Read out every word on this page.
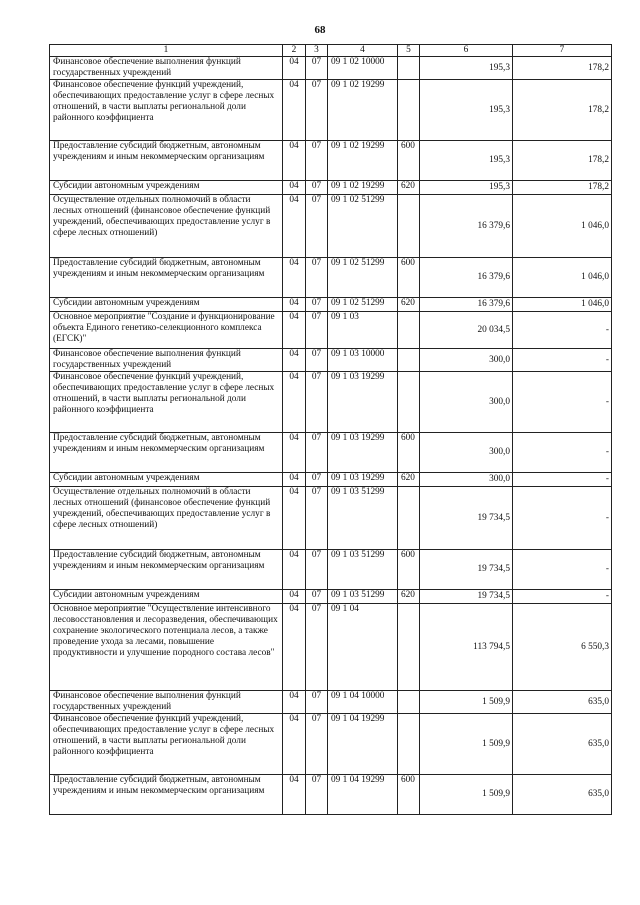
68
1	2	3	4	5	6	7
Финансовое обеспечение выполнения функций государственных учреждений	04	07	09 1 02 10000		195,3	178,2
Финансовое обеспечение функций учреждений, обеспечивающих предоставление услуг в сфере лесных отношений, в части выплаты региональной доли районного коэффициента	04	07	09 1 02 19299		195,3	178,2
Предоставление субсидий бюджетным, автономным учреждениям и иным некоммерческим организациям	04	07	09 1 02 19299	600	195,3	178,2
Субсидии автономным учреждениям	04	07	09 1 02 19299	620	195,3	178,2
Осуществление отдельных полномочий в области лесных отношений (финансовое обеспечение функций учреждений, обеспечивающих предоставление услуг в сфере лесных отношений)	04	07	09 1 02 51299		16 379,6	1 046,0
Предоставление субсидий бюджетным, автономным учреждениям и иным некоммерческим организациям	04	07	09 1 02 51299	600	16 379,6	1 046,0
Субсидии автономным учреждениям	04	07	09 1 02 51299	620	16 379,6	1 046,0
Основное мероприятие "Создание и функционирование объекта Единого генетико-селекционного комплекса (ЕГСК)"	04	07	09 1 03		20 034,5	-
Финансовое обеспечение выполнения функций государственных учреждений	04	07	09 1 03 10000		300,0	-
Финансовое обеспечение функций учреждений, обеспечивающих предоставление услуг в сфере лесных отношений, в части выплаты региональной доли районного коэффициента	04	07	09 1 03 19299		300,0	-
Предоставление субсидий бюджетным, автономным учреждениям и иным некоммерческим организациям	04	07	09 1 03 19299	600	300,0	-
Субсидии автономным учреждениям	04	07	09 1 03 19299	620	300,0	-
Осуществление отдельных полномочий в области лесных отношений (финансовое обеспечение функций учреждений, обеспечивающих предоставление услуг в сфере лесных отношений)	04	07	09 1 03 51299		19 734,5	-
Предоставление субсидий бюджетным, автономным учреждениям и иным некоммерческим организациям	04	07	09 1 03 51299	600	19 734,5	-
Субсидии автономным учреждениям	04	07	09 1 03 51299	620	19 734,5	-
Основное мероприятие "Осуществление интенсивного лесовосстановления и лесоразведения, обеспечивающих сохранение экологического потенциала лесов, а также проведение ухода за лесами, повышение продуктивности и улучшение породного состава лесов"	04	07	09 1 04		113 794,5	6 550,3
Финансовое обеспечение выполнения функций государственных учреждений	04	07	09 1 04 10000		1 509,9	635,0
Финансовое обеспечение функций учреждений, обеспечивающих предоставление услуг в сфере лесных отношений, в части выплаты региональной доли районного коэффициента	04	07	09 1 04 19299		1 509,9	635,0
Предоставление субсидий бюджетным, автономным учреждениям и иным некоммерческим организациям	04	07	09 1 04 19299	600	1 509,9	635,0
